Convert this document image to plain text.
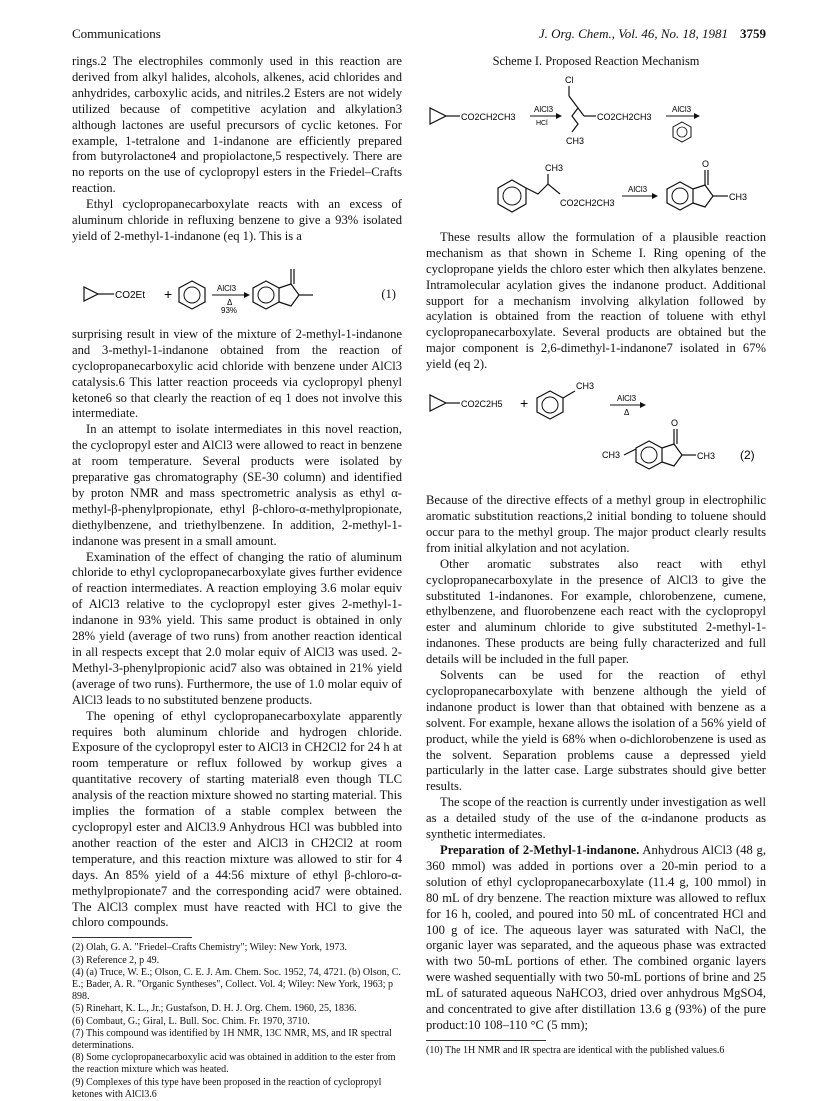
Communications	J. Org. Chem., Vol. 46, No. 18, 1981 3759

rings.2 The electrophiles commonly used in this reaction are derived from alkyl halides, alcohols, alkenes, acid chlorides and anhydrides, carboxylic acids, and nitriles.2 Esters are not widely utilized because of competitive acylation and alkylation3 although lactones are useful precursors of cyclic ketones. For example, 1-tetralone and 1-indanone are efficiently prepared from butyrolactone4 and propiolactone,5 respectively. There are no reports on the use of cyclopropyl esters in the Friedel–Crafts reaction.

Ethyl cyclopropanecarboxylate reacts with an excess of aluminum chloride in refluxing benzene to give a 93% isolated yield of 2-methyl-1-indanone (eq 1). This is a

CO2Et +	AlCl3
Δ
93%
(1)

surprising result in view of the mixture of 2-methyl-1-indanone and 3-methyl-1-indanone obtained from the reaction of cyclopropanecarboxylic acid chloride with benzene under AlCl3 catalysis.6 This latter reaction proceeds via cyclopropyl phenyl ketone6 so that clearly the reaction of eq 1 does not involve this intermediate.

In an attempt to isolate intermediates in this novel reaction, the cyclopropyl ester and AlCl3 were allowed to react in benzene at room temperature. Several products were isolated by preparative gas chromatography (SE-30 column) and identified by proton NMR and mass spectrometric analysis as ethyl α-methyl-β-phenylpropionate, ethyl β-chloro-α-methylpropionate, diethylbenzene, and triethylbenzene. In addition, 2-methyl-1-indanone was present in a small amount.

Examination of the effect of changing the ratio of aluminum chloride to ethyl cyclopropanecarboxylate gives further evidence of reaction intermediates. A reaction employing 3.6 molar equiv of AlCl3 relative to the cyclopropyl ester gives 2-methyl-1-indanone in 93% yield. This same product is obtained in only 28% yield (average of two runs) from another reaction identical in all respects except that 2.0 molar equiv of AlCl3 was used. 2-Methyl-3-phenylpropionic acid7 also was obtained in 21% yield (average of two runs). Furthermore, the use of 1.0 molar equiv of AlCl3 leads to no substituted benzene products.

The opening of ethyl cyclopropanecarboxylate apparently requires both aluminum chloride and hydrogen chloride. Exposure of the cyclopropyl ester to AlCl3 in CH2Cl2 for 24 h at room temperature or reflux followed by workup gives a quantitative recovery of starting material8 even though TLC analysis of the reaction mixture showed no starting material. This implies the formation of a stable complex between the cyclopropyl ester and AlCl3.9 Anhydrous HCl was bubbled into another reaction of the ester and AlCl3 in CH2Cl2 at room temperature, and this reaction mixture was allowed to stir for 4 days. An 85% yield of a 44:56 mixture of ethyl β-chloro-α-methylpropionate7 and the corresponding acid7 were obtained. The AlCl3 complex must have reacted with HCl to give the chloro compounds.

(2) Olah, G. A. "Friedel–Crafts Chemistry"; Wiley: New York, 1973.
(3) Reference 2, p 49.
(4) (a) Truce, W. E.; Olson, C. E. J. Am. Chem. Soc. 1952, 74, 4721. (b) Olson, C. E.; Bader, A. R. "Organic Syntheses", Collect. Vol. 4; Wiley: New York, 1963; p 898.
(5) Rinehart, K. L., Jr.; Gustafson, D. H. J. Org. Chem. 1960, 25, 1836.
(6) Combaut, G.; Giral, L. Bull. Soc. Chim. Fr. 1970, 3710.
(7) This compound was identified by 1H NMR, 13C NMR, MS, and IR spectral determinations.
(8) Some cyclopropanecarboxylic acid was obtained in addition to the ester from the reaction mixture which was heated.
(9) Complexes of this type have been proposed in the reaction of cyclopropyl ketones with AlCl3.6
Scheme I. Proposed Reaction Mechanism
CO2CH2CH3
AlCl3
HCl
Cl
CO2CH2CH3
CH3
AlCl3
CH3
CO2CH2CH3
AlCl3
O
CH3

These results allow the formulation of a plausible reaction mechanism as that shown in Scheme I. Ring opening of the cyclopropane yields the chloro ester which then alkylates benzene. Intramolecular acylation gives the indanone product. Additional support for a mechanism involving alkylation followed by acylation is obtained from the reaction of toluene with ethyl cyclopropanecarboxylate. Several products are obtained but the major component is 2,6-dimethyl-1-indanone7 isolated in 67% yield (eq 2).

CO2C2H5 +
CH3
AlCl3
Δ
CH3
O
CH3 (2)

Because of the directive effects of a methyl group in electrophilic aromatic substitution reactions,2 initial bonding to toluene should occur para to the methyl group. The major product clearly results from initial alkylation and not acylation.

Other aromatic substrates also react with ethyl cyclopropanecarboxylate in the presence of AlCl3 to give the substituted 1-indanones. For example, chlorobenzene, cumene, ethylbenzene, and fluorobenzene each react with the cyclopropyl ester and aluminum chloride to give substituted 2-methyl-1-indanones. These products are being fully characterized and full details will be included in the full paper.

Solvents can be used for the reaction of ethyl cyclopropanecarboxylate with benzene although the yield of indanone product is lower than that obtained with benzene as a solvent. For example, hexane allows the isolation of a 56% yield of product, while the yield is 68% when o-dichlorobenzene is used as the solvent. Separation problems cause a depressed yield particularly in the latter case. Large substrates should give better results.

The scope of the reaction is currently under investigation as well as a detailed study of the use of the α-indanone products as synthetic intermediates.

Preparation of 2-Methyl-1-indanone. Anhydrous AlCl3 (48 g, 360 mmol) was added in portions over a 20-min period to a solution of ethyl cyclopropanecarboxylate (11.4 g, 100 mmol) in 80 mL of dry benzene. The reaction mixture was allowed to reflux for 16 h, cooled, and poured into 50 mL of concentrated HCl and 100 g of ice. The aqueous layer was saturated with NaCl, the organic layer was separated, and the aqueous phase was extracted with two 50-mL portions of ether. The combined organic layers were washed sequentially with two 50-mL portions of brine and 25 mL of saturated aqueous NaHCO3, dried over anhydrous MgSO4, and concentrated to give after distillation 13.6 g (93%) of the pure product:10 108–110 °C (5 mm);

(10) The 1H NMR and IR spectra are identical with the published values.6
